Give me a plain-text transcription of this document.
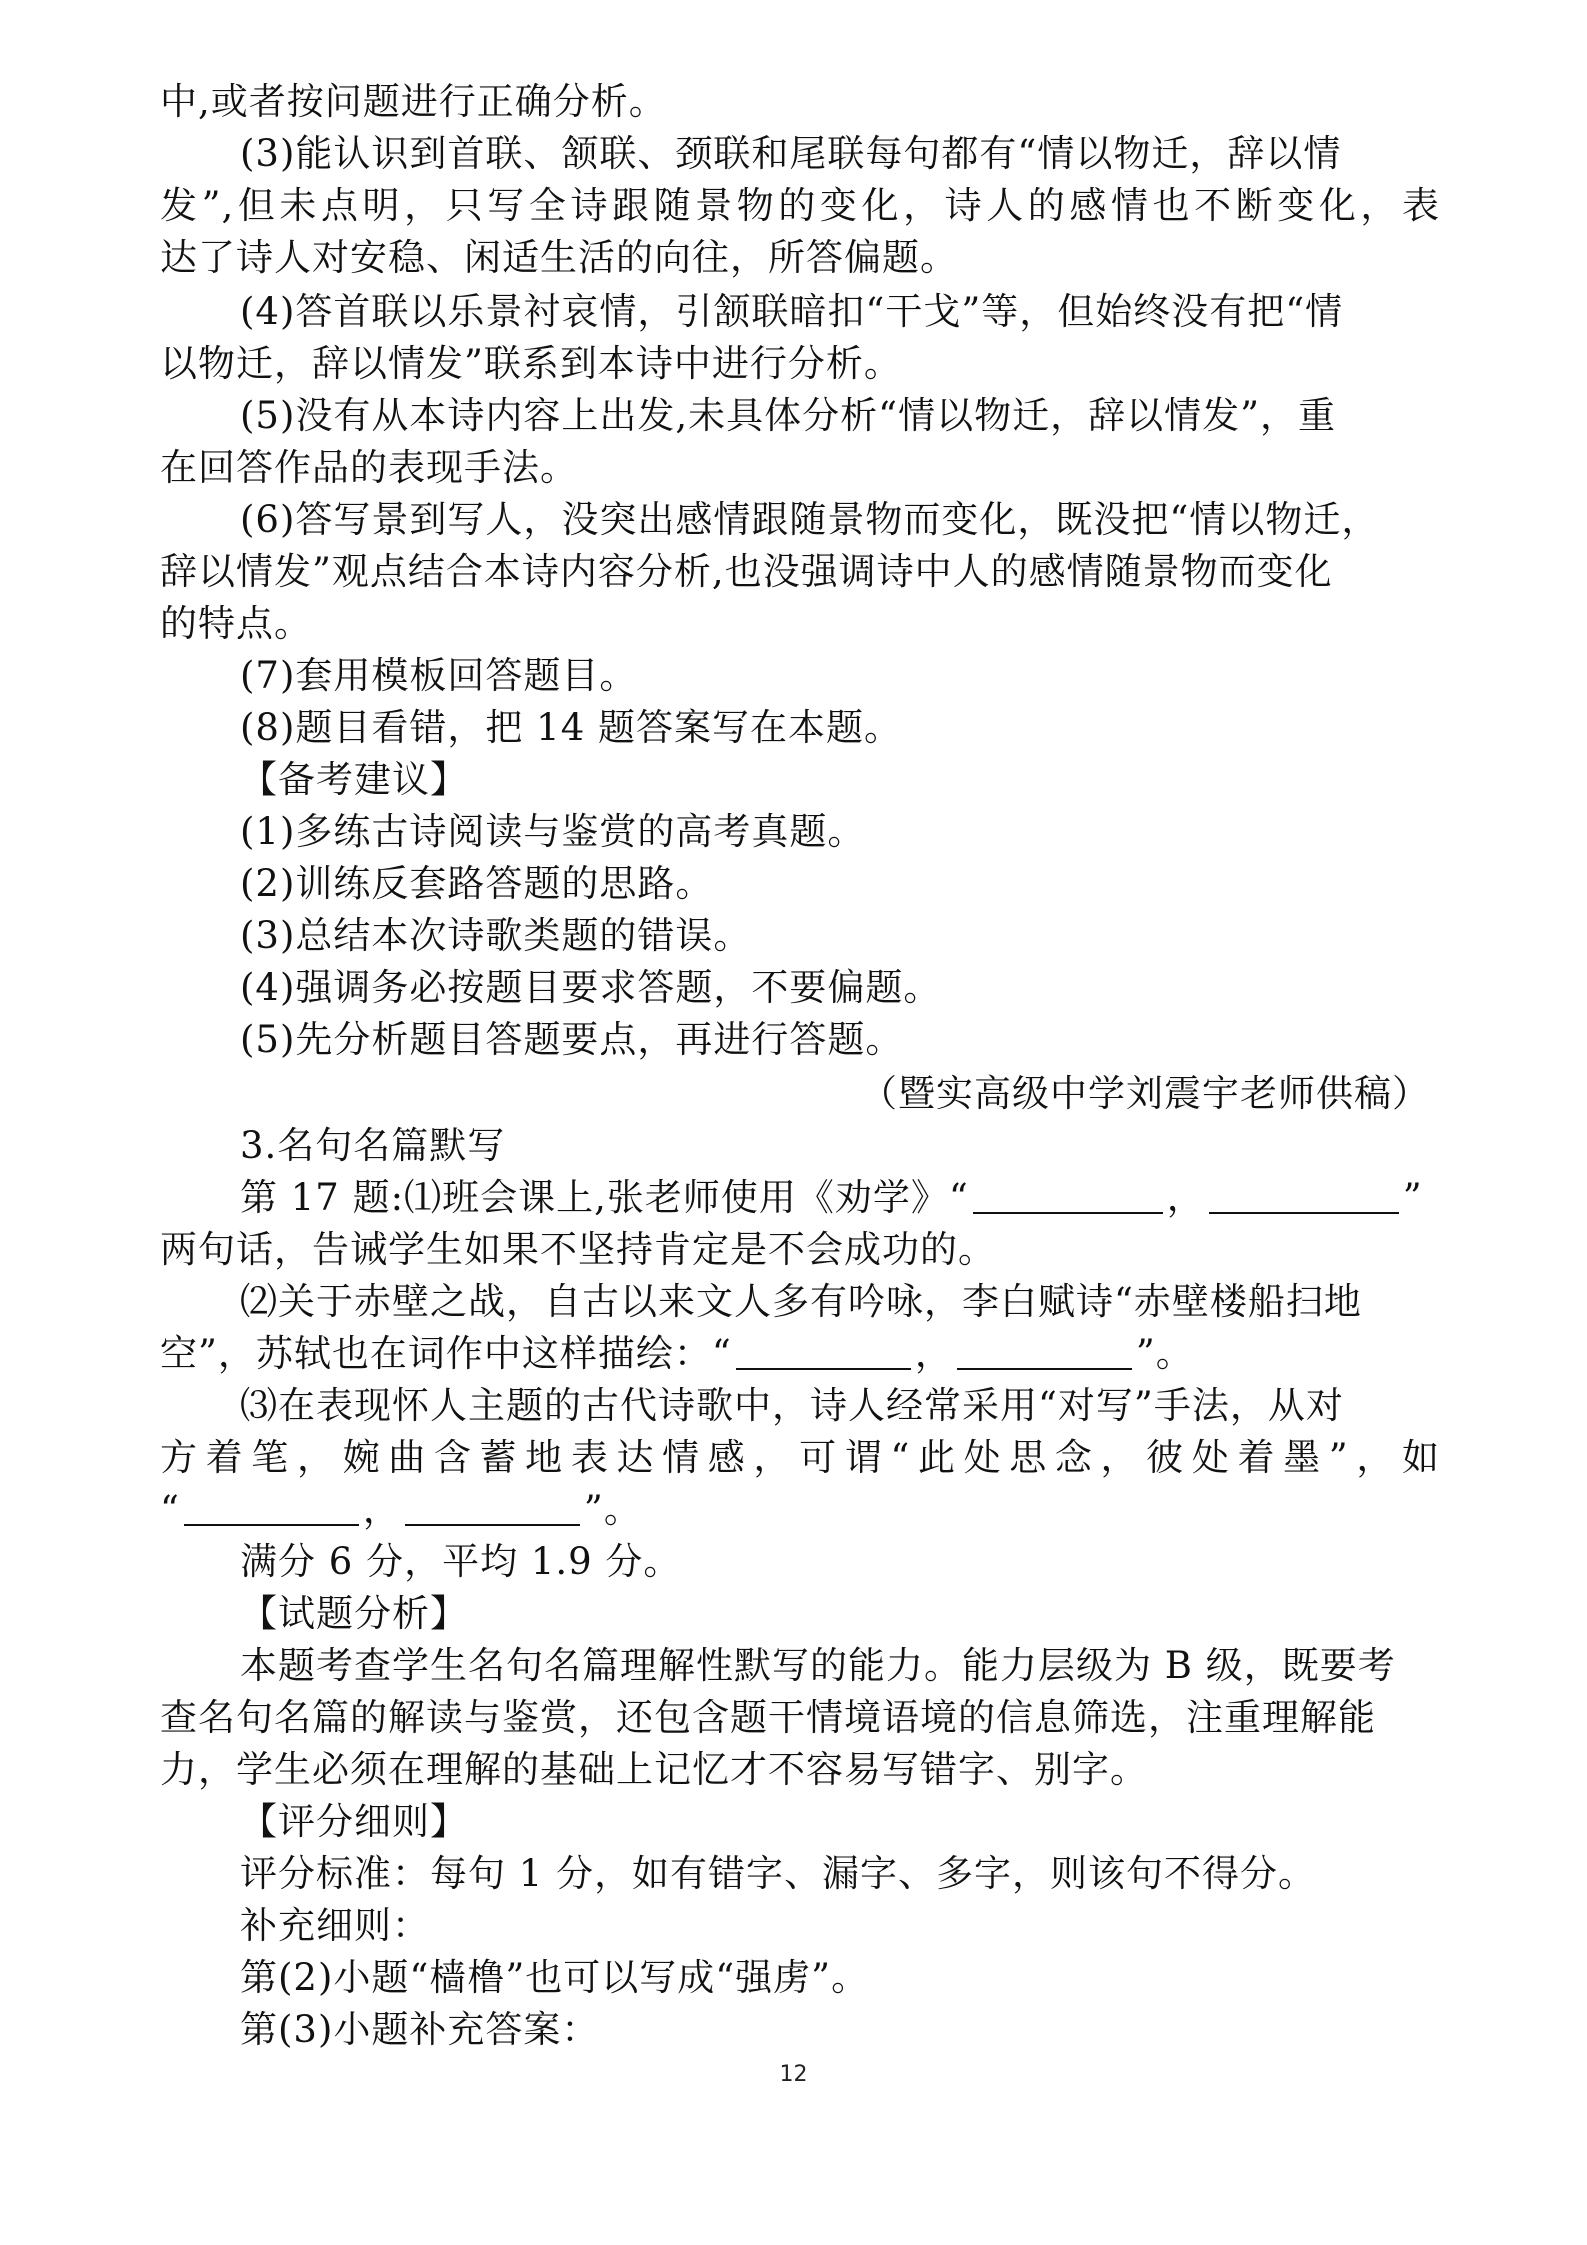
中,或者按问题进行正确分析。
(3)能认识到首联、颔联、颈联和尾联每句都有“情以物迁，辞以情
发”,但未点明，只写全诗跟随景物的变化，诗人的感情也不断变化，表
达了诗人对安稳、闲适生活的向往，所答偏题。
(4)答首联以乐景衬哀情，引颔联暗扣“干戈”等，但始终没有把“情
以物迁，辞以情发”联系到本诗中进行分析。
(5)没有从本诗内容上出发,未具体分析“情以物迁，辞以情发”，重
在回答作品的表现手法。
(6)答写景到写人，没突出感情跟随景物而变化，既没把“情以物迁，
辞以情发”观点结合本诗内容分析,也没强调诗中人的感情随景物而变化
的特点。
(7)套用模板回答题目。
(8)题目看错，把 14 题答案写在本题。
【备考建议】
(1)多练古诗阅读与鉴赏的高考真题。
(2)训练反套路答题的思路。
(3)总结本次诗歌类题的错误。
(4)强调务必按题目要求答题，不要偏题。
(5)先分析题目答题要点，再进行答题。
（暨实高级中学刘震宇老师供稿）
3.名句名篇默写
第 17 题:⑴班会课上,张老师使用《劝学》“	，	”
两句话，告诫学生如果不坚持肯定是不会成功的。
⑵关于赤壁之战，自古以来文人多有吟咏，李白赋诗“赤壁楼船扫地
空”，苏轼也在词作中这样描绘：“	，	”。
⑶在表现怀人主题的古代诗歌中，诗人经常采用“对写”手法，从对
方着笔，婉曲含蓄地表达情感，可谓“此处思念，彼处着墨”，如
“	，	”。
满分 6 分，平均 1.9 分。
【试题分析】
本题考查学生名句名篇理解性默写的能力。能力层级为 B 级，既要考
查名句名篇的解读与鉴赏，还包含题干情境语境的信息筛选，注重理解能
力，学生必须在理解的基础上记忆才不容易写错字、别字。
【评分细则】
评分标准：每句 1 分，如有错字、漏字、多字，则该句不得分。
补充细则：
第(2)小题“樯橹”也可以写成“强虏”。
第(3)小题补充答案：
12
